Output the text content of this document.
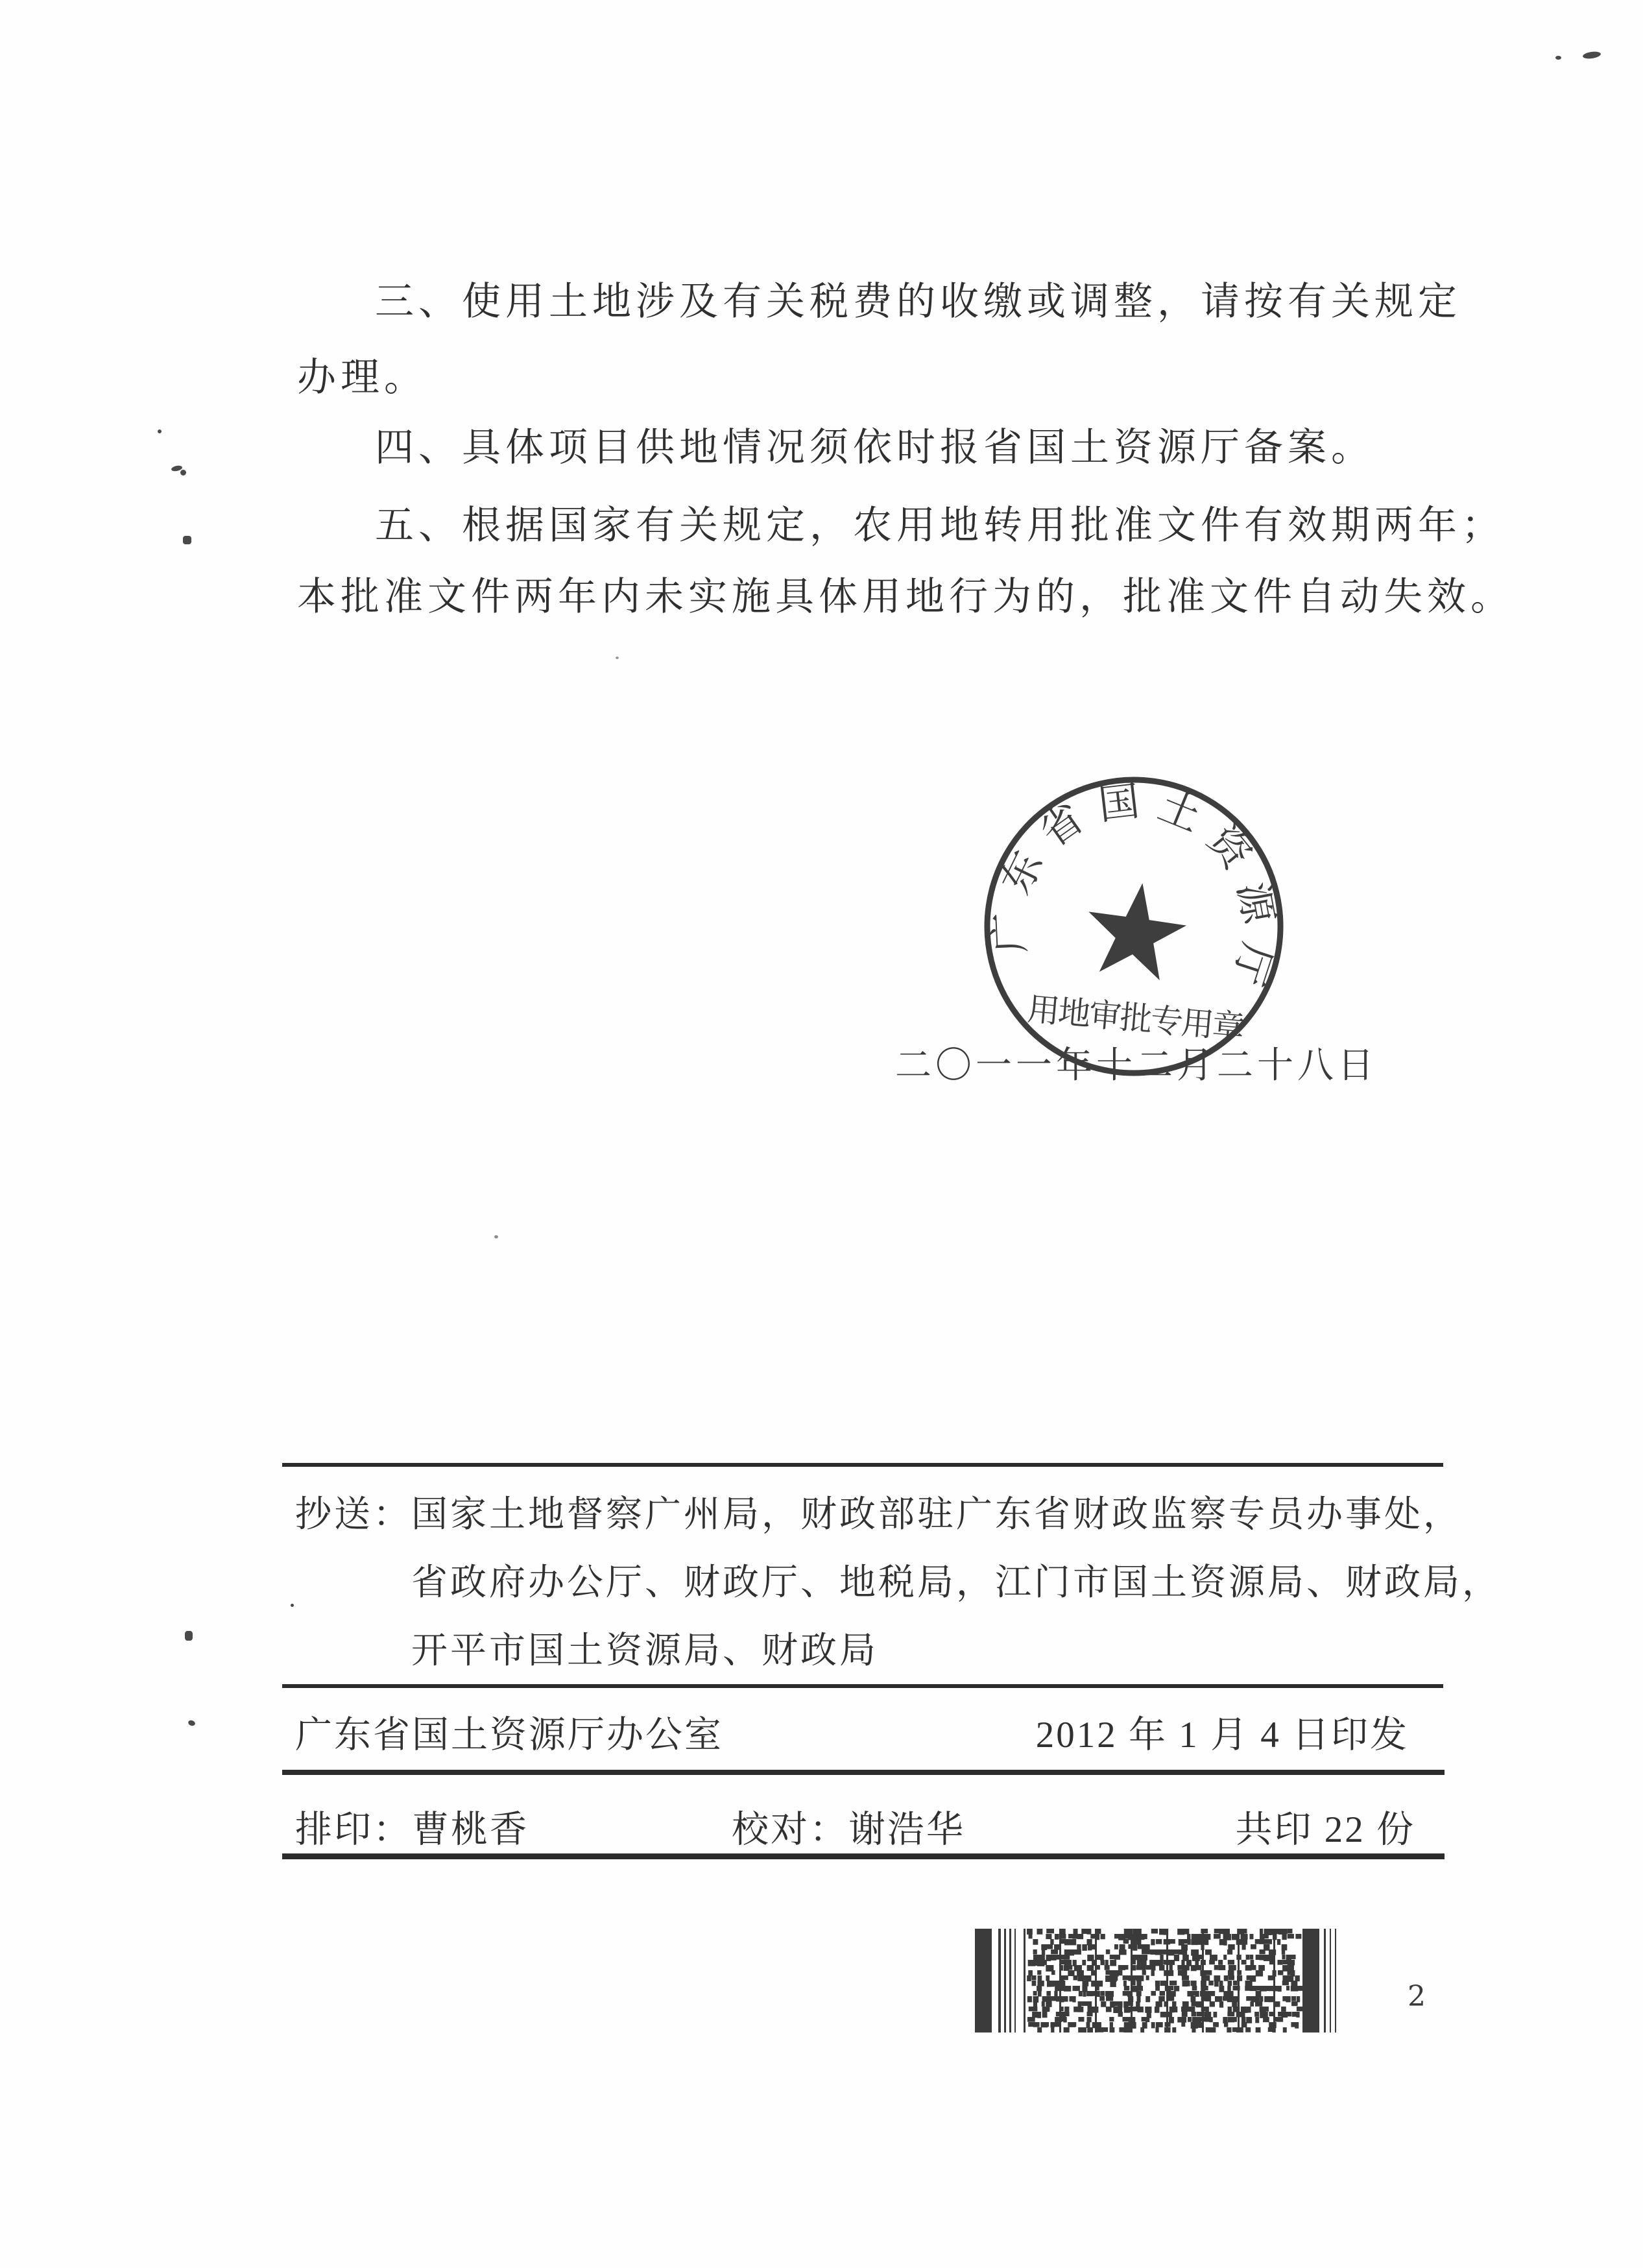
三、使用土地涉及有关税费的收缴或调整，请按有关规定
办理。
四、具体项目供地情况须依时报省国土资源厅备案。
五、根据国家有关规定，农用地转用批准文件有效期两年；
本批准文件两年内未实施具体用地行为的，批准文件自动失效。
二〇一一年十二月二十八日
广东省国土资源厅
用地审批专用章
抄送： 国家土地督察广州局，财政部驻广东省财政监察专员办事处，
省政府办公厅、财政厅、地税局，江门市国土资源局、财政局，
开平市国土资源局、财政局
广东省国土资源厅办公室	2012 年 1 月 4 日印发
排印：曹桃香	校对：谢浩华	共印 22 份
2
